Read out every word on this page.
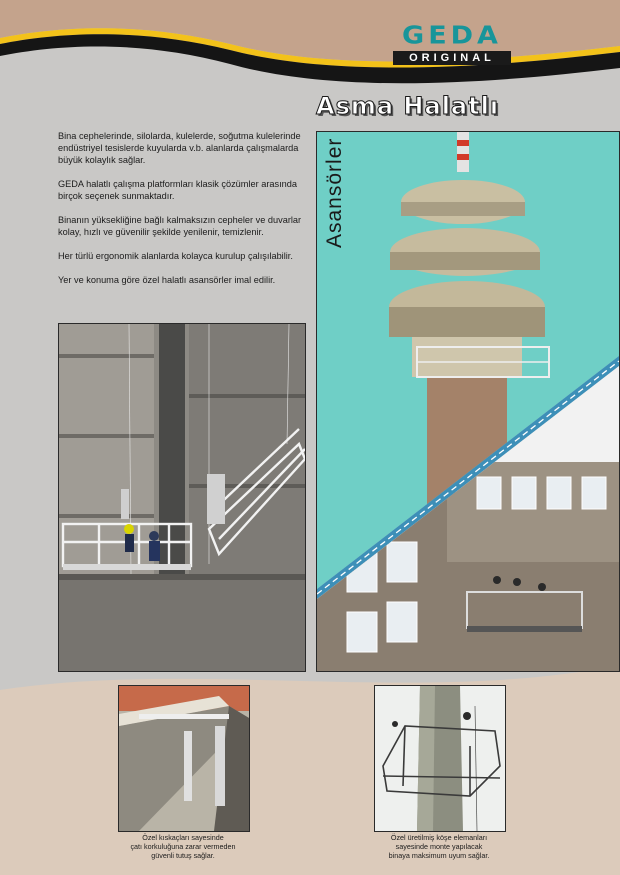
GEDA
ORIGINAL
Asma Halatlı

Bina cephelerinde, silolarda, kulelerde, soğutma kulelerinde endüstriyel tesislerde kuyularda v.b. alanlarda çalışmalarda büyük kolaylık sağlar.

GEDA halatlı çalışma platformları klasik çözümler arasında birçok seçenek sunmaktadır.

Binanın yüksekliğine bağlı kalmaksızın cepheler ve duvarlar kolay, hızlı ve güvenilir şekilde yenilenir, temizlenir.

Her türlü ergonomik alanlarda kolayca kurulup çalışılabilir.

Yer ve konuma göre özel halatlı asansörler imal edilir.

Asansörler

Özel kıskaçları sayesinde
çatı korkuluğuna zarar vermeden
güvenli tutuş sağlar.

Özel üretilmiş köşe elemanları
sayesinde monte yapılacak
binaya maksimum uyum sağlar.
